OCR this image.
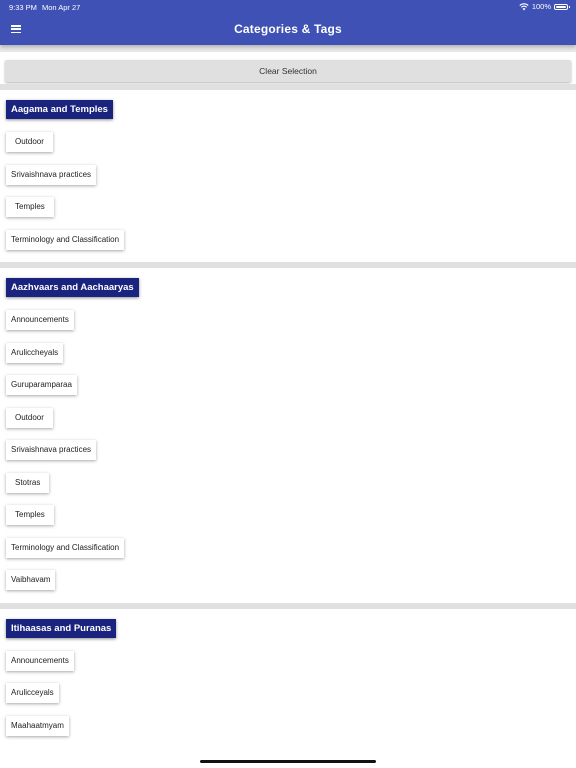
9:33 PM Mon Apr 27	100%
Categories & Tags
Clear Selection
Aagama and Temples
Outdoor
Srivaishnava practices
Temples
Terminology and Classification
Aazhvaars and Aachaaryas
Announcements
Aruliccheyals
Guruparamparaa
Outdoor
Srivaishnava practices
Stotras
Temples
Terminology and Classification
Vaibhavam
Itihaasas and Puranas
Announcements
Arulicceyals
Maahaatmyam
